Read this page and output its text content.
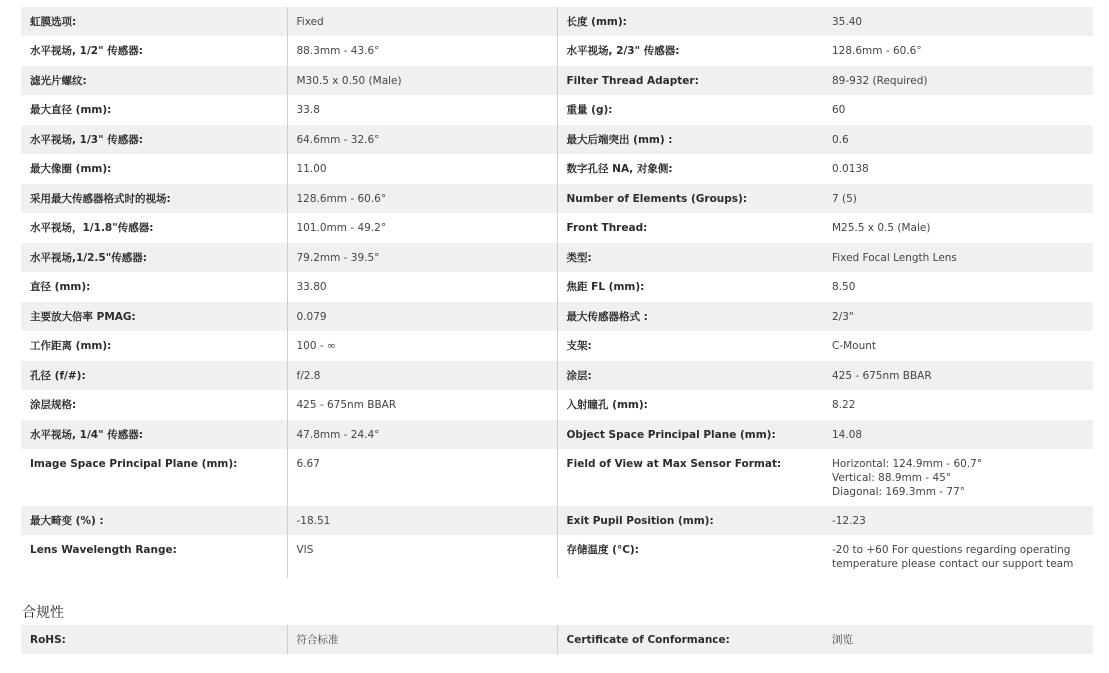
虹膜选项:	Fixed	长度 (mm):	35.40
水平视场, 1/2" 传感器:	88.3mm - 43.6°	水平视场, 2/3" 传感器:	128.6mm - 60.6°
滤光片螺纹:	M30.5 x 0.50 (Male)	Filter Thread Adapter:	89-932 (Required)
最大直径 (mm):	33.8	重量 (g):	60
水平视场, 1/3" 传感器:	64.6mm - 32.6°	最大后端突出 (mm) :	0.6
最大像圈 (mm):	11.00	数字孔径 NA, 对象侧:	0.0138
采用最大传感器格式时的视场:	128.6mm - 60.6°	Number of Elements (Groups):	7 (5)
水平视场，1/1.8"传感器:	101.0mm - 49.2°	Front Thread:	M25.5 x 0.5 (Male)
水平视场,1/2.5"传感器:	79.2mm - 39.5°	类型:	Fixed Focal Length Lens
直径 (mm):	33.80	焦距 FL (mm):	8.50
主要放大倍率 PMAG:	0.079	最大传感器格式 :	2/3"
工作距离 (mm):	100 - ∞	支架:	C-Mount
孔径 (f/#):	f/2.8	涂层:	425 - 675nm BBAR
涂层规格:	425 - 675nm BBAR	入射瞳孔 (mm):	8.22
水平视场, 1/4" 传感器:	47.8mm - 24.4°	Object Space Principal Plane (mm):	14.08
Image Space Principal Plane (mm):	6.67	Field of View at Max Sensor Format:	Horizontal: 124.9mm - 60.7°
Vertical: 88.9mm - 45°
Diagonal: 169.3mm - 77°

最大畸变 (%) :	-18.51	Exit Pupil Position (mm):	-12.23
Lens Wavelength Range:	VIS	存储温度 (°C):	-20 to +60 For questions regarding operating
temperature please contact our support team
合规性
RoHS:	符合标准	Certificate of Conformance:	浏览
